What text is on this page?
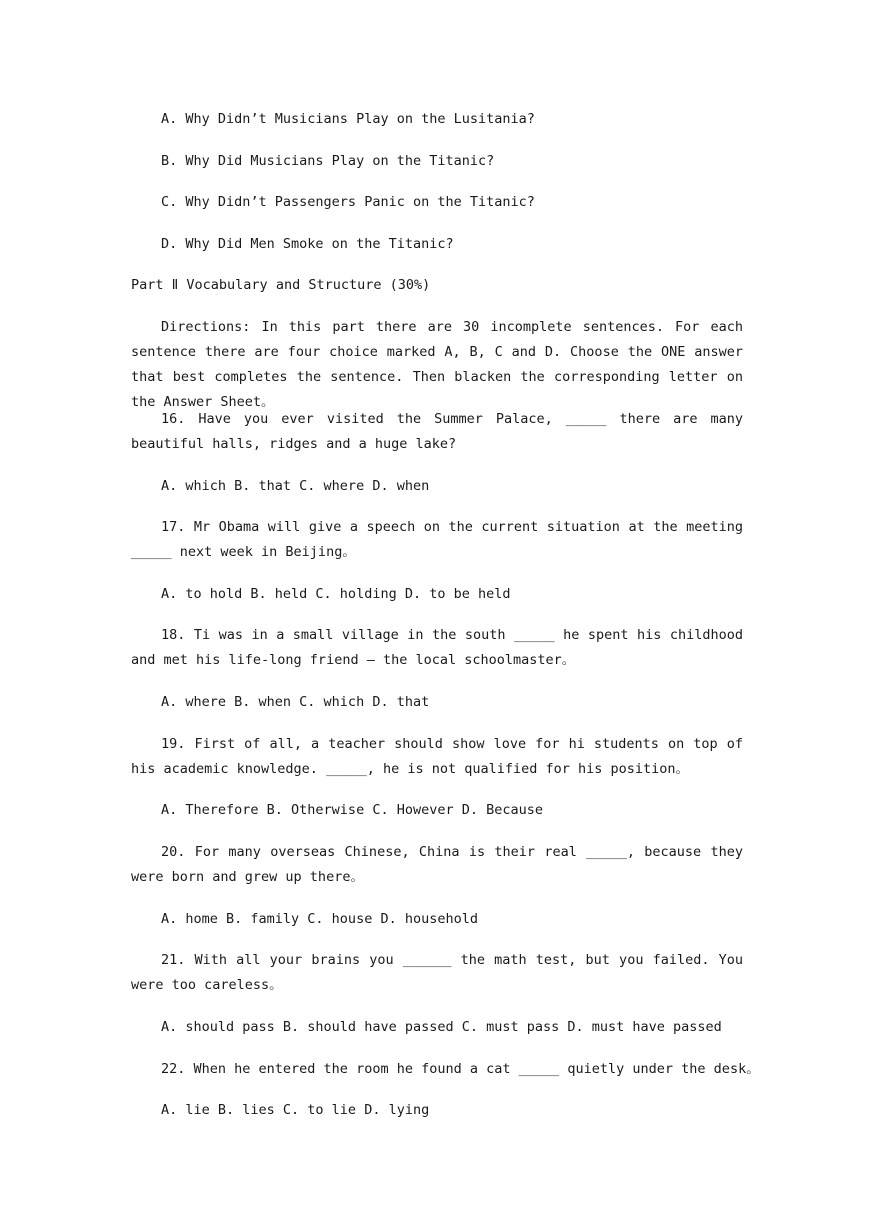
A. Why Didn’t Musicians Play on the Lusitania?
B. Why Did Musicians Play on the Titanic?
C. Why Didn’t Passengers Panic on the Titanic?
D. Why Did Men Smoke on the Titanic?
Part Ⅱ Vocabulary and Structure (30%)
Directions: In this part there are 30 incomplete sentences. For each sentence there are four choice marked A, B, C and D. Choose the ONE answer that best completes the sentence. Then blacken the corresponding letter on the Answer Sheet。
16. Have you ever visited the Summer Palace, _____ there are many beautiful halls, ridges and a huge lake?
A. which B. that C. where D. when
17. Mr Obama will give a speech on the current situation at the meeting _____ next week in Beijing。
A. to hold B. held C. holding D. to be held
18. Ti was in a small village in the south _____ he spent his childhood and met his life-long friend – the local schoolmaster。
A. where B. when C. which D. that
19. First of all, a teacher should show love for hi students on top of his academic knowledge. _____, he is not qualified for his position。
A. Therefore B. Otherwise C. However D. Because
20. For many overseas Chinese, China is their real _____, because they were born and grew up there。
A. home B. family C. house D. household
21. With all your brains you ______ the math test, but you failed. You were too careless。
A. should pass B. should have passed C. must pass D. must have passed
22. When he entered the room he found a cat _____ quietly under the desk。
A. lie B. lies C. to lie D. lying
